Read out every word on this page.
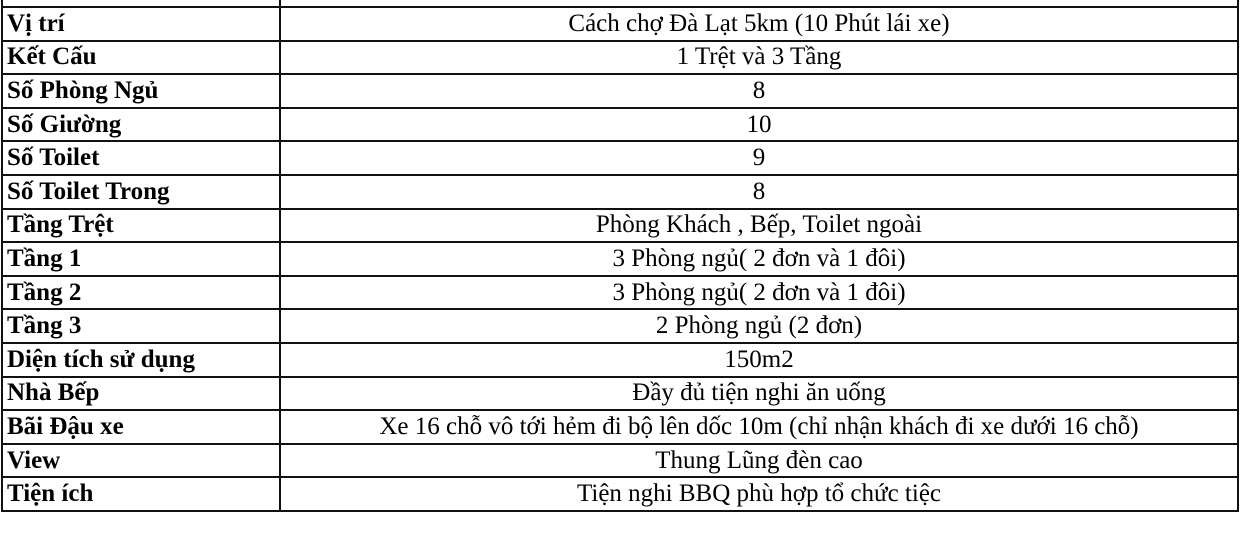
Vị trí	Cách chợ Đà Lạt 5km (10 Phút lái xe)
Kết Cấu	1 Trệt và 3 Tầng
Số Phòng Ngủ	8
Số Giường	10
Số Toilet	9
Số Toilet Trong	8
Tầng Trệt	Phòng Khách , Bếp, Toilet ngoài
Tầng 1	3 Phòng ngủ( 2 đơn và 1 đôi)
Tầng 2	3 Phòng ngủ( 2 đơn và 1 đôi)
Tầng 3	2 Phòng ngủ (2 đơn)
Diện tích sử dụng	150m2
Nhà Bếp	Đầy đủ tiện nghi ăn uống
Bãi Đậu xe	Xe 16 chỗ vô tới hẻm đi bộ lên dốc 10m (chỉ nhận khách đi xe dưới 16 chỗ)
View	Thung Lũng đèn cao
Tiện ích	Tiện nghi BBQ phù hợp tổ chức tiệc
